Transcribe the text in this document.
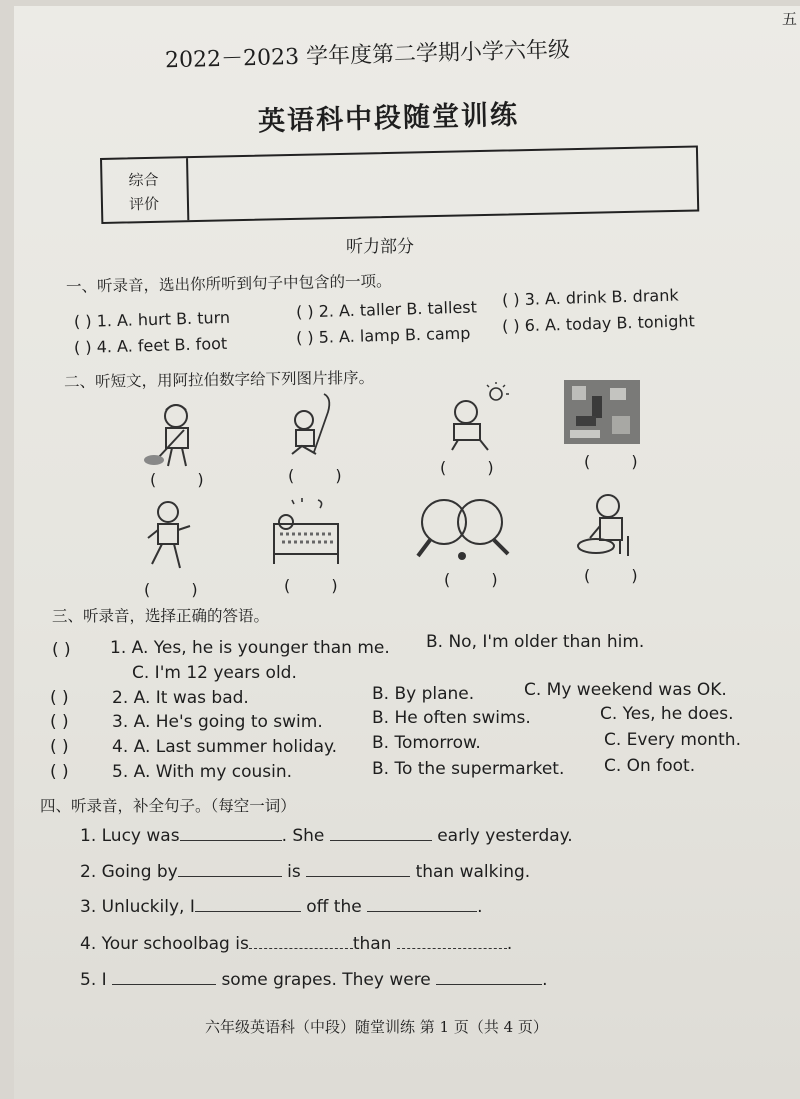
五
2022－2023 学年度第二学期小学六年级
英语科中段随堂训练
综合
评价
听力部分
一、听录音，选出你所听到句子中包含的一项。
( ) 1. A. hurt B. turn	( ) 2. A. taller B. tallest ( ) 3. A. drink B. drank
( ) 4. A. feet B. foot	( ) 5. A. lamp B. camp ( ) 6. A. today B. tonight
二、听短文，用阿拉伯数字给下列图片排序。
( )	( )	( )	( )
( )	( )	( )	( )
三、听录音，选择正确的答语。
( ) 1. A. Yes, he is younger than me. B. No, I'm older than him.
C. I'm 12 years old.
( )	2. A. It was bad.	B. By plane.	C. My weekend was OK.
( )	3. A. He's going to swim.	B. He often swims.	C. Yes, he does.
( )	4. A. Last summer holiday. B. Tomorrow.	C. Every month.
( )	5. A. With my cousin.	B. To the supermarket. C. On foot.
四、听录音，补全句子。（每空一词）
1. Lucy was	. She	early yesterday.
2. Going by	is	than walking.
3. Unluckily, I	off the	.
4. Your schoolbag is	than	.
5. I	some grapes. They were	.
六年级英语科（中段）随堂训练 第 1 页（共 4 页）
